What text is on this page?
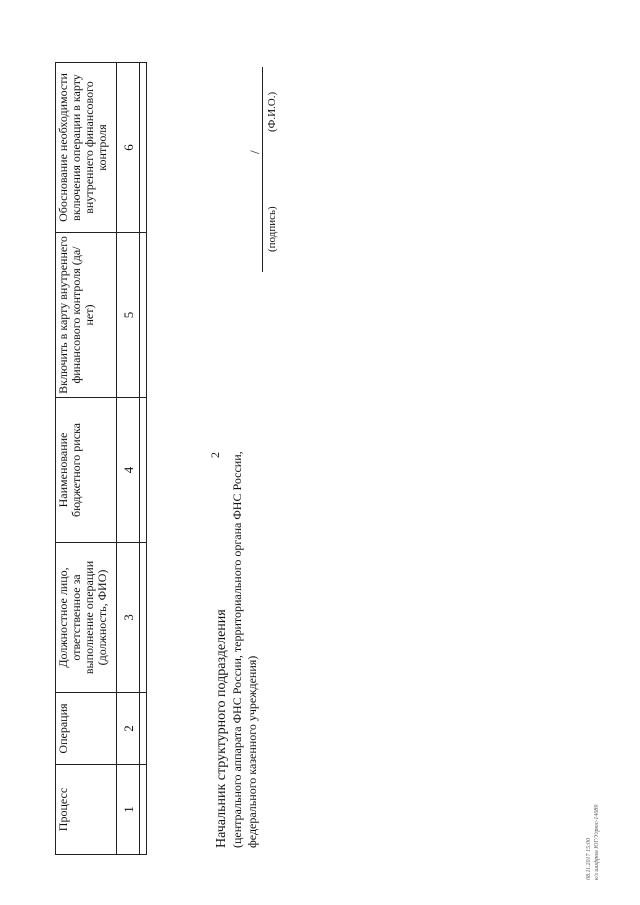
2
Процесс	Операция	Должностное лицо, ответственное за выполнение операции (должность, ФИО)	Наименование бюджетного риска	Включить в карту внутреннего финансового контроля (да/нет)	Обоснование необходимости включения операции в карту внутреннего финансового контроля
1	2	3	4	5	6

Начальник структурного подразделения (центрального аппарата ФНС России, территориального органа ФНС России, федерального казенного учреждения)
/
(подпись)
(Ф.И.О.)
08.11.2017 15:00 к/з шифром ЮГ/Угрюс-14089
